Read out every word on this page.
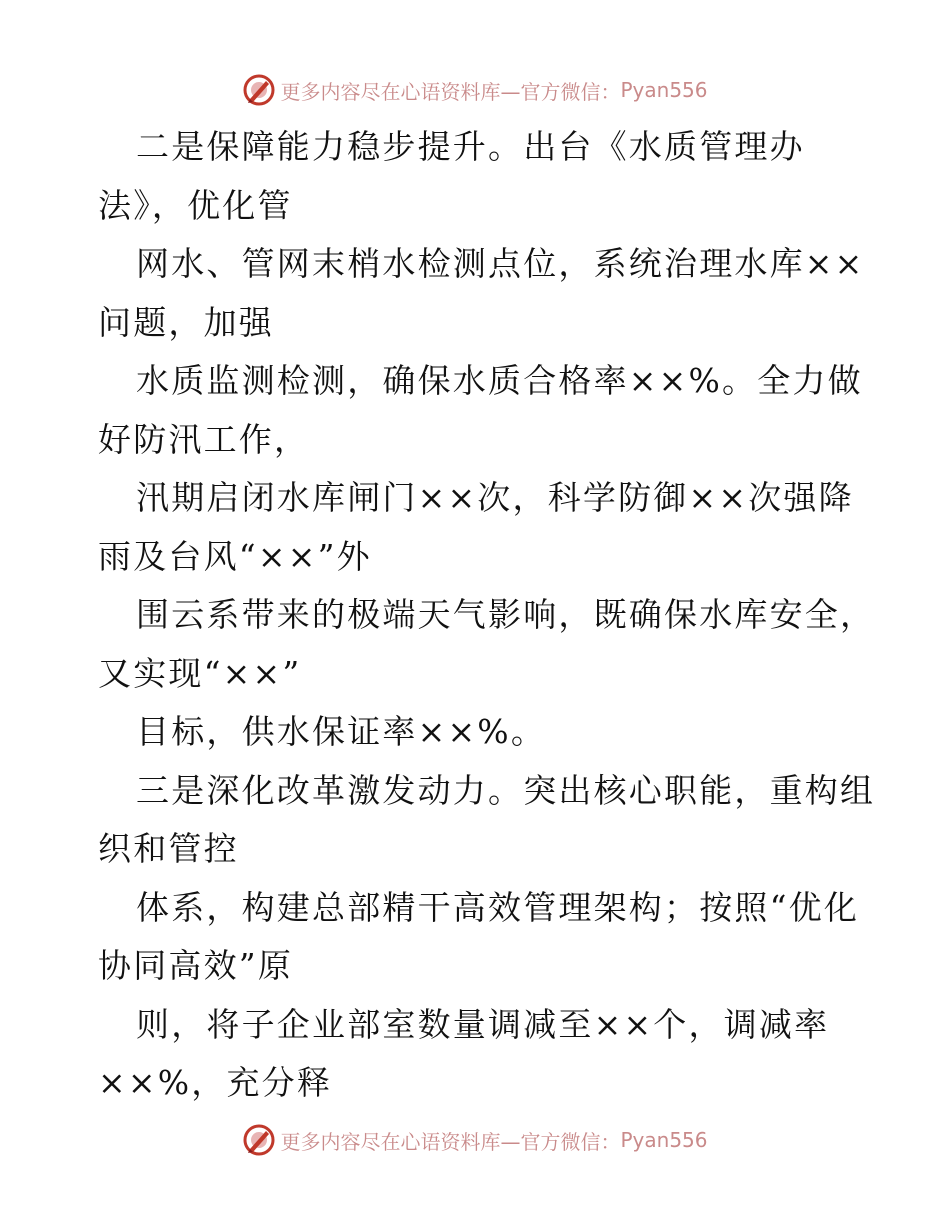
更多内容尽在心语资料库—官方微信： Pyan556
二是保障能力稳步提升。出台《水质管理办
法》，优化管
网水、管网末梢水检测点位，系统治理水库××
问题，加强
水质监测检测，确保水质合格率××%。全力做
好防汛工作，
汛期启闭水库闸门××次，科学防御××次强降
雨及台风“××”外
围云系带来的极端天气影响，既确保水库安全，
又实现“××”
目标，供水保证率××%。
三是深化改革激发动力。突出核心职能，重构组
织和管控
体系，构建总部精干高效管理架构；按照“优化
协同高效”原
则，将子企业部室数量调减至××个，调减率
××%，充分释
更多内容尽在心语资料库—官方微信： Pyan556
